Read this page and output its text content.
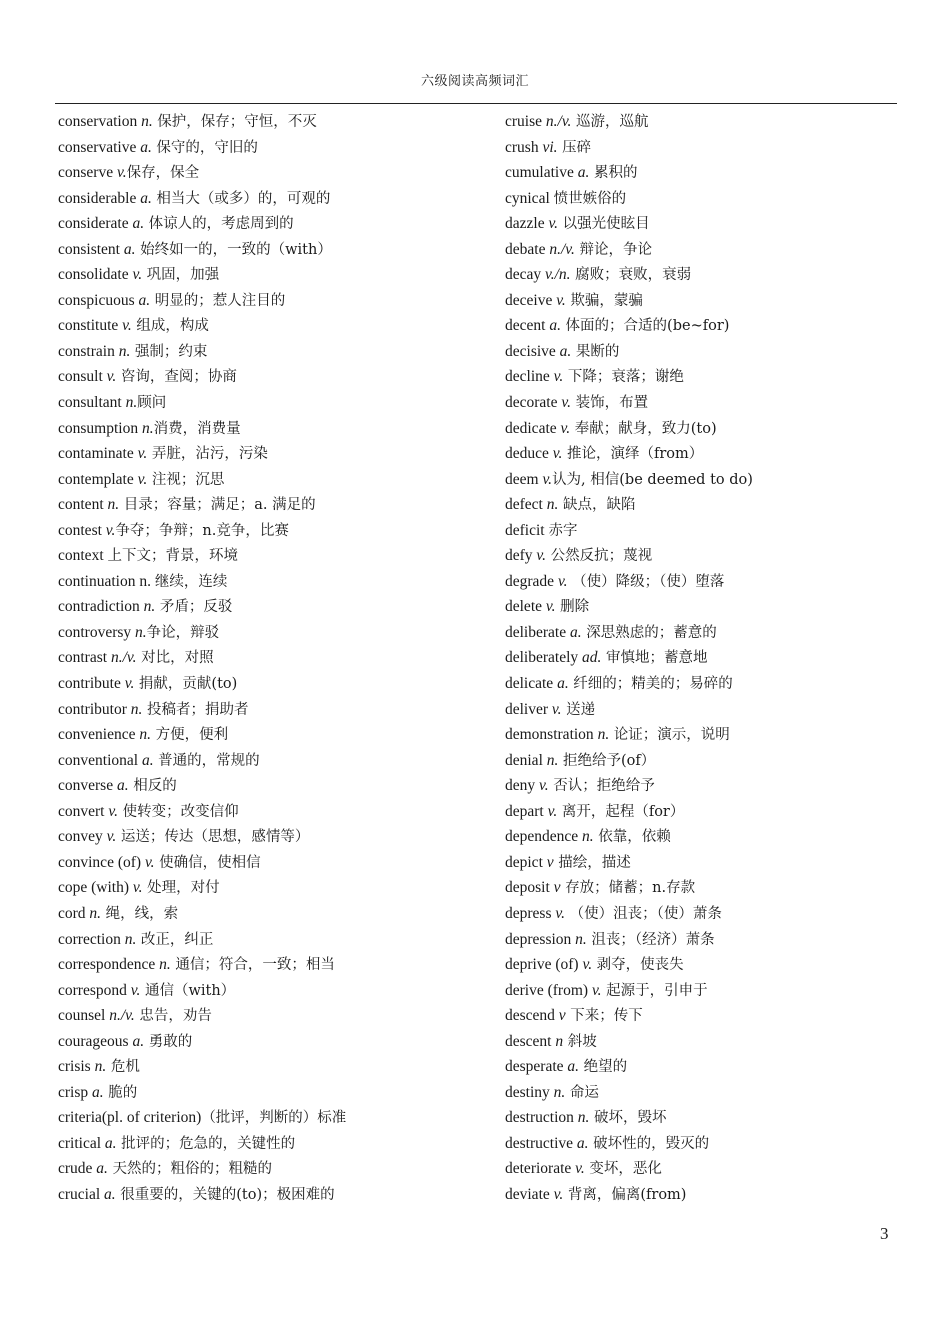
六级阅读高频词汇
conservation n. 保护，保存；守恒，不灭
conservative a. 保守的，守旧的
conserve v.保存，保全
considerable a. 相当大（或多）的，可观的
considerate a. 体谅人的，考虑周到的
consistent a. 始终如一的，一致的（with）
consolidate v. 巩固，加强
conspicuous a. 明显的；惹人注目的
constitute v. 组成，构成
constrain n. 强制；约束
consult v. 咨询，查阅；协商
consultant n.顾问
consumption n.消费，消费量
contaminate v. 弄脏，沾污，污染
contemplate v. 注视；沉思
content n. 目录；容量；满足；a. 满足的
contest v.争夺；争辩；n.竞争，比赛
context 上下文；背景，环境
continuation n. 继续，连续
contradiction n. 矛盾；反驳
controversy n.争论，辩驳
contrast n./v. 对比，对照
contribute v. 捐献，贡献(to)
contributor n. 投稿者；捐助者
convenience n. 方便，便利
conventional a. 普通的，常规的
converse a. 相反的
convert v. 使转变；改变信仰
convey v. 运送；传达（思想，感情等）
convince (of) v. 使确信，使相信
cope (with) v. 处理，对付
cord n. 绳，线，索
correction n. 改正，纠正
correspondence n. 通信；符合，一致；相当
correspond v. 通信（with）
counsel n./v. 忠告，劝告
courageous a. 勇敢的
crisis n. 危机
crisp a. 脆的
criteria(pl. of criterion)（批评，判断的）标准
critical a. 批评的；危急的，关键性的
crude a. 天然的；粗俗的；粗糙的
crucial a. 很重要的，关键的(to)；极困难的
cruise n./v. 巡游，巡航
crush vi. 压碎
cumulative a. 累积的
cynical 愤世嫉俗的
dazzle v. 以强光使眩目
debate n./v. 辩论，争论
decay v./n. 腐败；衰败，衰弱
deceive v. 欺骗，蒙骗
decent a. 体面的；合适的(be~for)
decisive a. 果断的
decline v. 下降；衰落；谢绝
decorate v. 装饰，布置
dedicate v. 奉献；献身，致力(to)
deduce v. 推论，演绎（from）
deem v.认为, 相信(be deemed to do)
defect n. 缺点，缺陷
deficit 赤字
defy v. 公然反抗；蔑视
degrade v. （使）降级；（使）堕落
delete v. 删除
deliberate a. 深思熟虑的；蓄意的
deliberately ad. 审慎地；蓄意地
delicate a. 纤细的；精美的；易碎的
deliver v. 送递
demonstration n. 论证；演示，说明
denial n. 拒绝给予(of）
deny v. 否认；拒绝给予
depart v. 离开，起程（for）
dependence n. 依靠，依赖
depict v 描绘，描述
deposit v 存放；储蓄；n.存款
depress v. （使）沮丧；（使）萧条
depression n. 沮丧；（经济）萧条
deprive (of) v. 剥夺，使丧失
derive (from) v. 起源于，引申于
descend v 下来；传下
descent n 斜坡
desperate a. 绝望的
destiny n. 命运
destruction n. 破坏，毁坏
destructive a. 破坏性的，毁灭的
deteriorate v. 变坏，恶化
deviate v. 背离，偏离(from)
3
